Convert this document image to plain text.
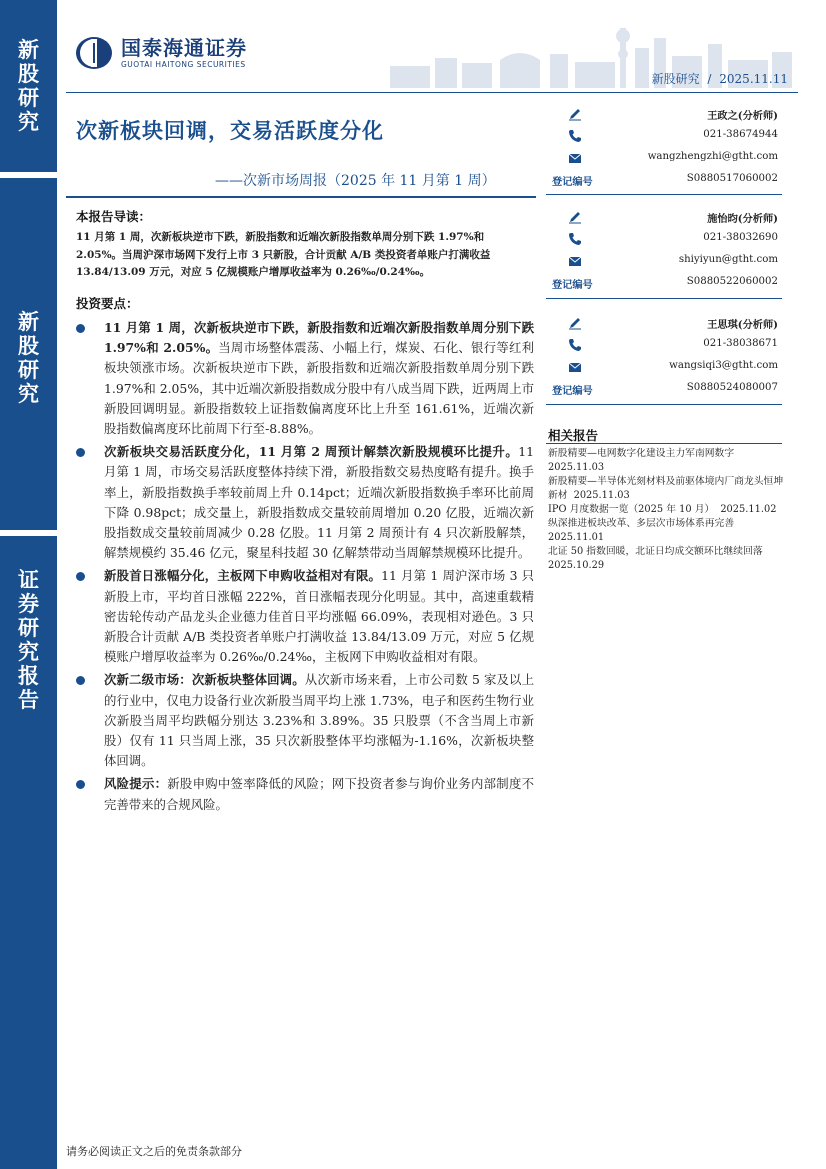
新
股
研
究
新
股
研
究
证
券
研
究
报
告
国泰海通证券
GUOTAI HAITONG SECURITIES
新股研究 / 2025.11.11
次新板块回调，交易活跃度分化
——次新市场周报（2025 年 11 月第 1 周）
本报告导读：
11 月第 1 周，次新板块逆市下跌，新股指数和近端次新股指数单周分别下跌 1.97%和 2.05%。当周沪深市场网下发行上市 3 只新股，合计贡献 A/B 类投资者单账户打满收益 13.84/13.09 万元，对应 5 亿规模账户增厚收益率为 0.26‰/0.24‰。
投资要点：
11 月第 1 周，次新板块逆市下跌，新股指数和近端次新股指数单周分别下跌 1.97%和 2.05%。当周市场整体震荡、小幅上行，煤炭、石化、银行等红利板块领涨市场。次新板块逆市下跌，新股指数和近端次新股指数单周分别下跌 1.97%和 2.05%，其中近端次新股指数成分股中有八成当周下跌，近两周上市新股回调明显。新股指数较上证指数偏离度环比上升至 161.61%，近端次新股指数偏离度环比前周下行至-8.88%。
次新板块交易活跃度分化，11 月第 2 周预计解禁次新股规模环比提升。11 月第 1 周，市场交易活跃度整体持续下滑，新股指数交易热度略有提升。换手率上，新股指数换手率较前周上升 0.14pct；近端次新股指数换手率环比前周下降 0.98pct；成交量上，新股指数成交量较前周增加 0.20 亿股，近端次新股指数成交量较前周减少 0.28 亿股。11 月第 2 周预计有 4 只次新股解禁，解禁规模约 35.46 亿元，聚星科技超 30 亿解禁带动当周解禁规模环比提升。
新股首日涨幅分化，主板网下申购收益相对有限。11 月第 1 周沪深市场 3 只新股上市，平均首日涨幅 222%，首日涨幅表现分化明显。其中，高速重载精密齿轮传动产品龙头企业德力佳首日平均涨幅 66.09%，表现相对逊色。3 只新股合计贡献 A/B 类投资者单账户打满收益 13.84/13.09 万元，对应 5 亿规模账户增厚收益率为 0.26‰/0.24‰，主板网下申购收益相对有限。
次新二级市场：次新板块整体回调。从次新市场来看，上市公司数 5 家及以上的行业中，仅电力设备行业次新股当周平均上涨 1.73%，电子和医药生物行业次新股当周平均跌幅分别达 3.23%和 3.89%。35 只股票（不含当周上市新股）仅有 11 只当周上涨，35 只次新股整体平均涨幅为-1.16%，次新板块整体回调。
风险提示：新股申购中签率降低的风险；网下投资者参与询价业务内部制度不完善带来的合规风险。
王政之(分析师)
021-38674944
wangzhengzhi@gtht.com
登记编号	S0880517060002
施怡昀(分析师)
021-38032690
shiyiyun@gtht.com
登记编号	S0880522060002
王思琪(分析师)
021-38038671
wangsiqi3@gtht.com
登记编号	S0880524080007
相关报告
新股精要—电网数字化建设主力军南网数字
2025.11.03
新股精要—半导体光刻材料及前驱体境内厂商龙头恒坤新材 2025.11.03
IPO 月度数据一览（2025 年 10 月） 2025.11.02
纵深推进板块改革、多层次市场体系再完善
2025.11.01
北证 50 指数回暖，北证日均成交额环比继续回落
2025.10.29
请务必阅读正文之后的免责条款部分
